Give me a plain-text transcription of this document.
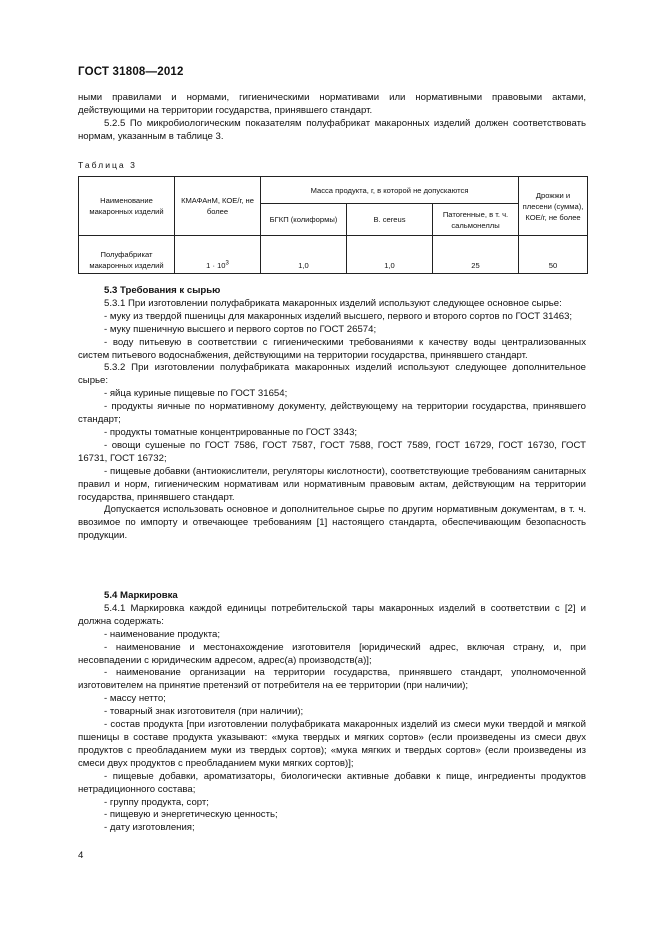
ГОСТ 31808—2012

ными правилами и нормами, гигиеническими нормативами или нормативными правовыми актами, действующими на территории государства, принявшего стандарт.

5.2.5 По микробиологическим показателям полуфабрикат макаронных изделий должен соответствовать нормам, указанным в таблице 3.

Таблица 3
Наименование макаронных изделий	КМАФАнМ, КОЕ/г, не более	Масса продукта, г, в которой не допускаются			Дрожжи и плесени (сумма), КОЕ/г, не более
		БГКП (колиформы)	B. cereus	Патогенные, в т. ч. сальмонеллы	
Полуфабрикат макаронных изделий	$1 \cdot 10^3$	1,0	1,0	25	50

5.3 Требования к сырью

5.3.1 При изготовлении полуфабриката макаронных изделий используют следующее основное сырье:

- муку из твердой пшеницы для макаронных изделий высшего, первого и второго сортов по ГОСТ 31463;

- муку пшеничную высшего и первого сортов по ГОСТ 26574;

- воду питьевую в соответствии с гигиеническими требованиями к качеству воды централизованных систем питьевого водоснабжения, действующими на территории государства, принявшего стандарт.

5.3.2 При изготовлении полуфабриката макаронных изделий используют следующее дополнительное сырье:

- яйца куриные пищевые по ГОСТ 31654;

- продукты яичные по нормативному документу, действующему на территории государства, принявшего стандарт;

- продукты томатные концентрированные по ГОСТ 3343;

- овощи сушеные по ГОСТ 7586, ГОСТ 7587, ГОСТ 7588, ГОСТ 7589, ГОСТ 16729, ГОСТ 16730, ГОСТ 16731, ГОСТ 16732;

- пищевые добавки (антиокислители, регуляторы кислотности), соответствующие требованиям санитарных правил и норм, гигиеническим нормативам или нормативным правовым актам, действующим на территории государства, принявшего стандарт.

Допускается использовать основное и дополнительное сырье по другим нормативным документам, в т. ч. ввозимое по импорту и отвечающее требованиям [1] настоящего стандарта, обеспечивающим безопасность продукции.

5.4 Маркировка

5.4.1 Маркировка каждой единицы потребительской тары макаронных изделий в соответствии с [2] и должна содержать:

- наименование продукта;

- наименование и местонахождение изготовителя [юридический адрес, включая страну, и, при несовпадении с юридическим адресом, адрес(а) производств(а)];

- наименование организации на территории государства, принявшего стандарт, уполномоченной изготовителем на принятие претензий от потребителя на ее территории (при наличии);

- массу нетто;

- товарный знак изготовителя (при наличии);

- состав продукта [при изготовлении полуфабриката макаронных изделий из смеси муки твердой и мягкой пшеницы в составе продукта указывают: «мука твердых и мягких сортов» (если произведены из смеси двух продуктов с преобладанием муки из твердых сортов); «мука мягких и твердых сортов» (если произведены из смеси двух продуктов с преобладанием муки мягких сортов)];

- пищевые добавки, ароматизаторы, биологически активные добавки к пище, ингредиенты продуктов нетрадиционного состава;

- группу продукта, сорт;

- пищевую и энергетическую ценность;

- дату изготовления;

4
